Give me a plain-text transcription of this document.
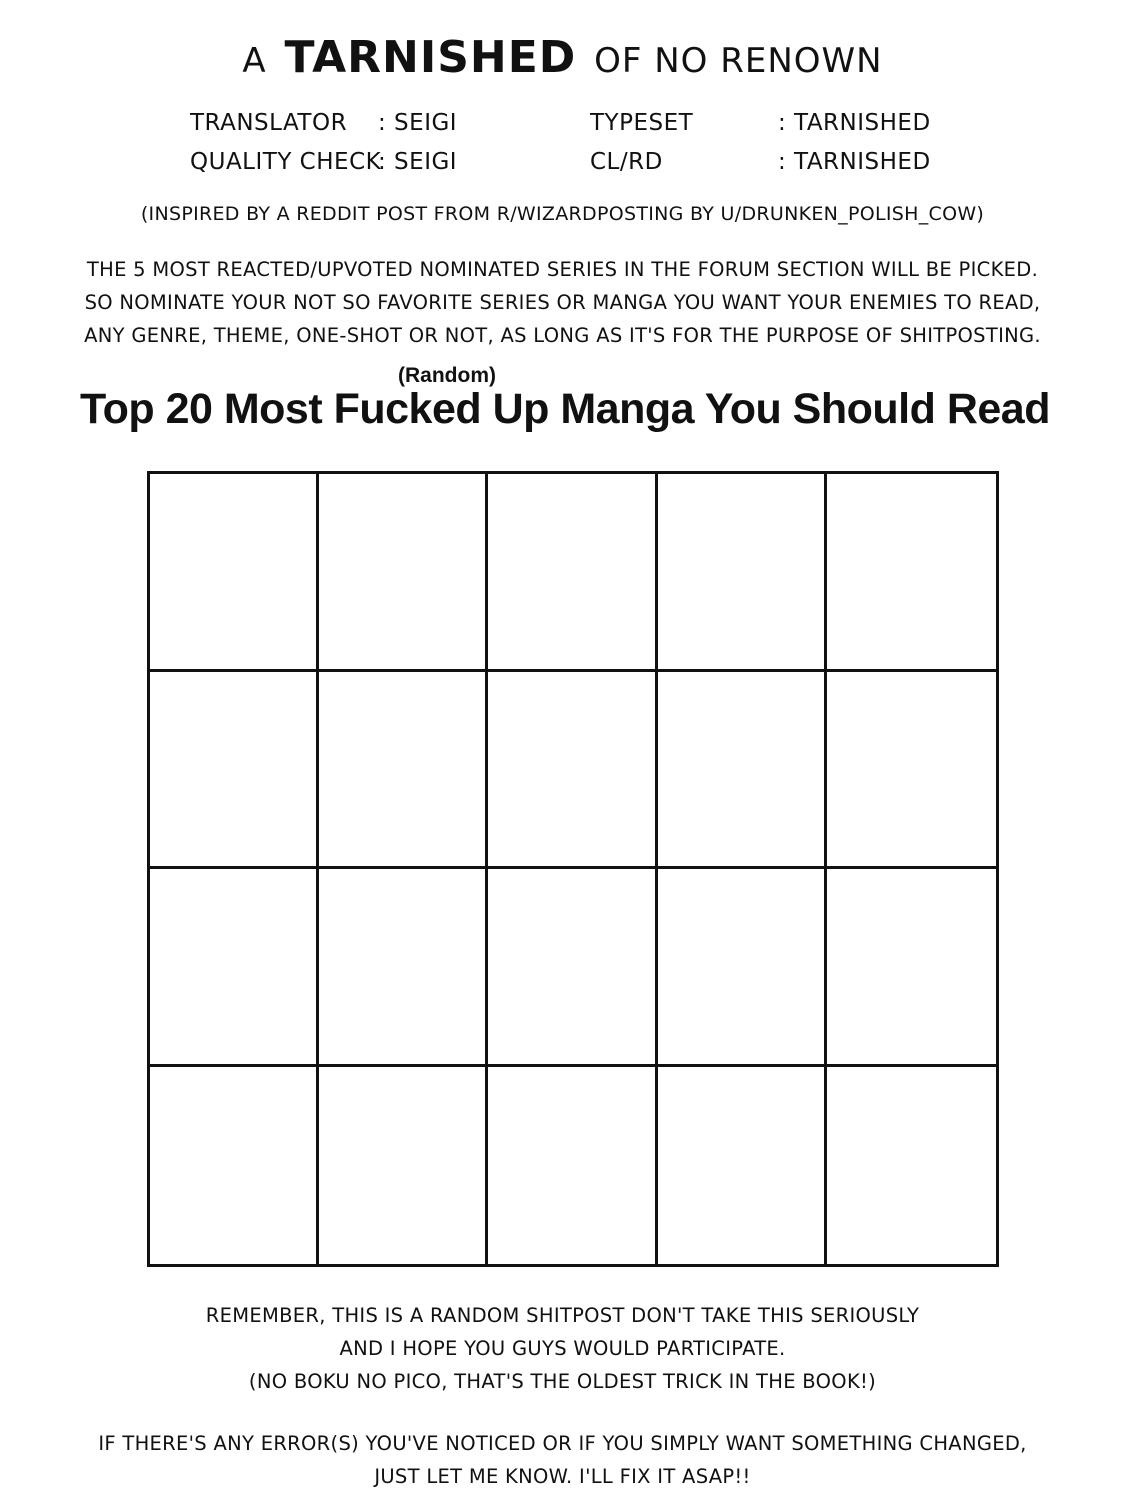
A TARNISHED OF NO RENOWN
TRANSLATOR : SEIGI
QUALITY CHECK
: SEIGI
TYPESET	: TARNISHED
CL/RD	: TARNISHED
(INSPIRED BY A REDDIT POST FROM R/WIZARDPOSTING BY U/DRUNKEN_POLISH_COW)
THE 5 MOST REACTED/UPVOTED NOMINATED SERIES IN THE FORUM SECTION WILL BE PICKED.
SO NOMINATE YOUR NOT SO FAVORITE SERIES OR MANGA YOU WANT YOUR ENEMIES TO READ,
ANY GENRE, THEME, ONE-SHOT OR NOT, AS LONG AS IT'S FOR THE PURPOSE OF SHITPOSTING.
(Random)
Top 20 Most Fucked Up Manga You Should Read
REMEMBER, THIS IS A RANDOM SHITPOST DON'T TAKE THIS SERIOUSLY
AND I HOPE YOU GUYS WOULD PARTICIPATE.
(NO BOKU NO PICO, THAT'S THE OLDEST TRICK IN THE BOOK!)
IF THERE'S ANY ERROR(S) YOU'VE NOTICED OR IF YOU SIMPLY WANT SOMETHING CHANGED,
JUST LET ME KNOW. I'LL FIX IT ASAP!!
